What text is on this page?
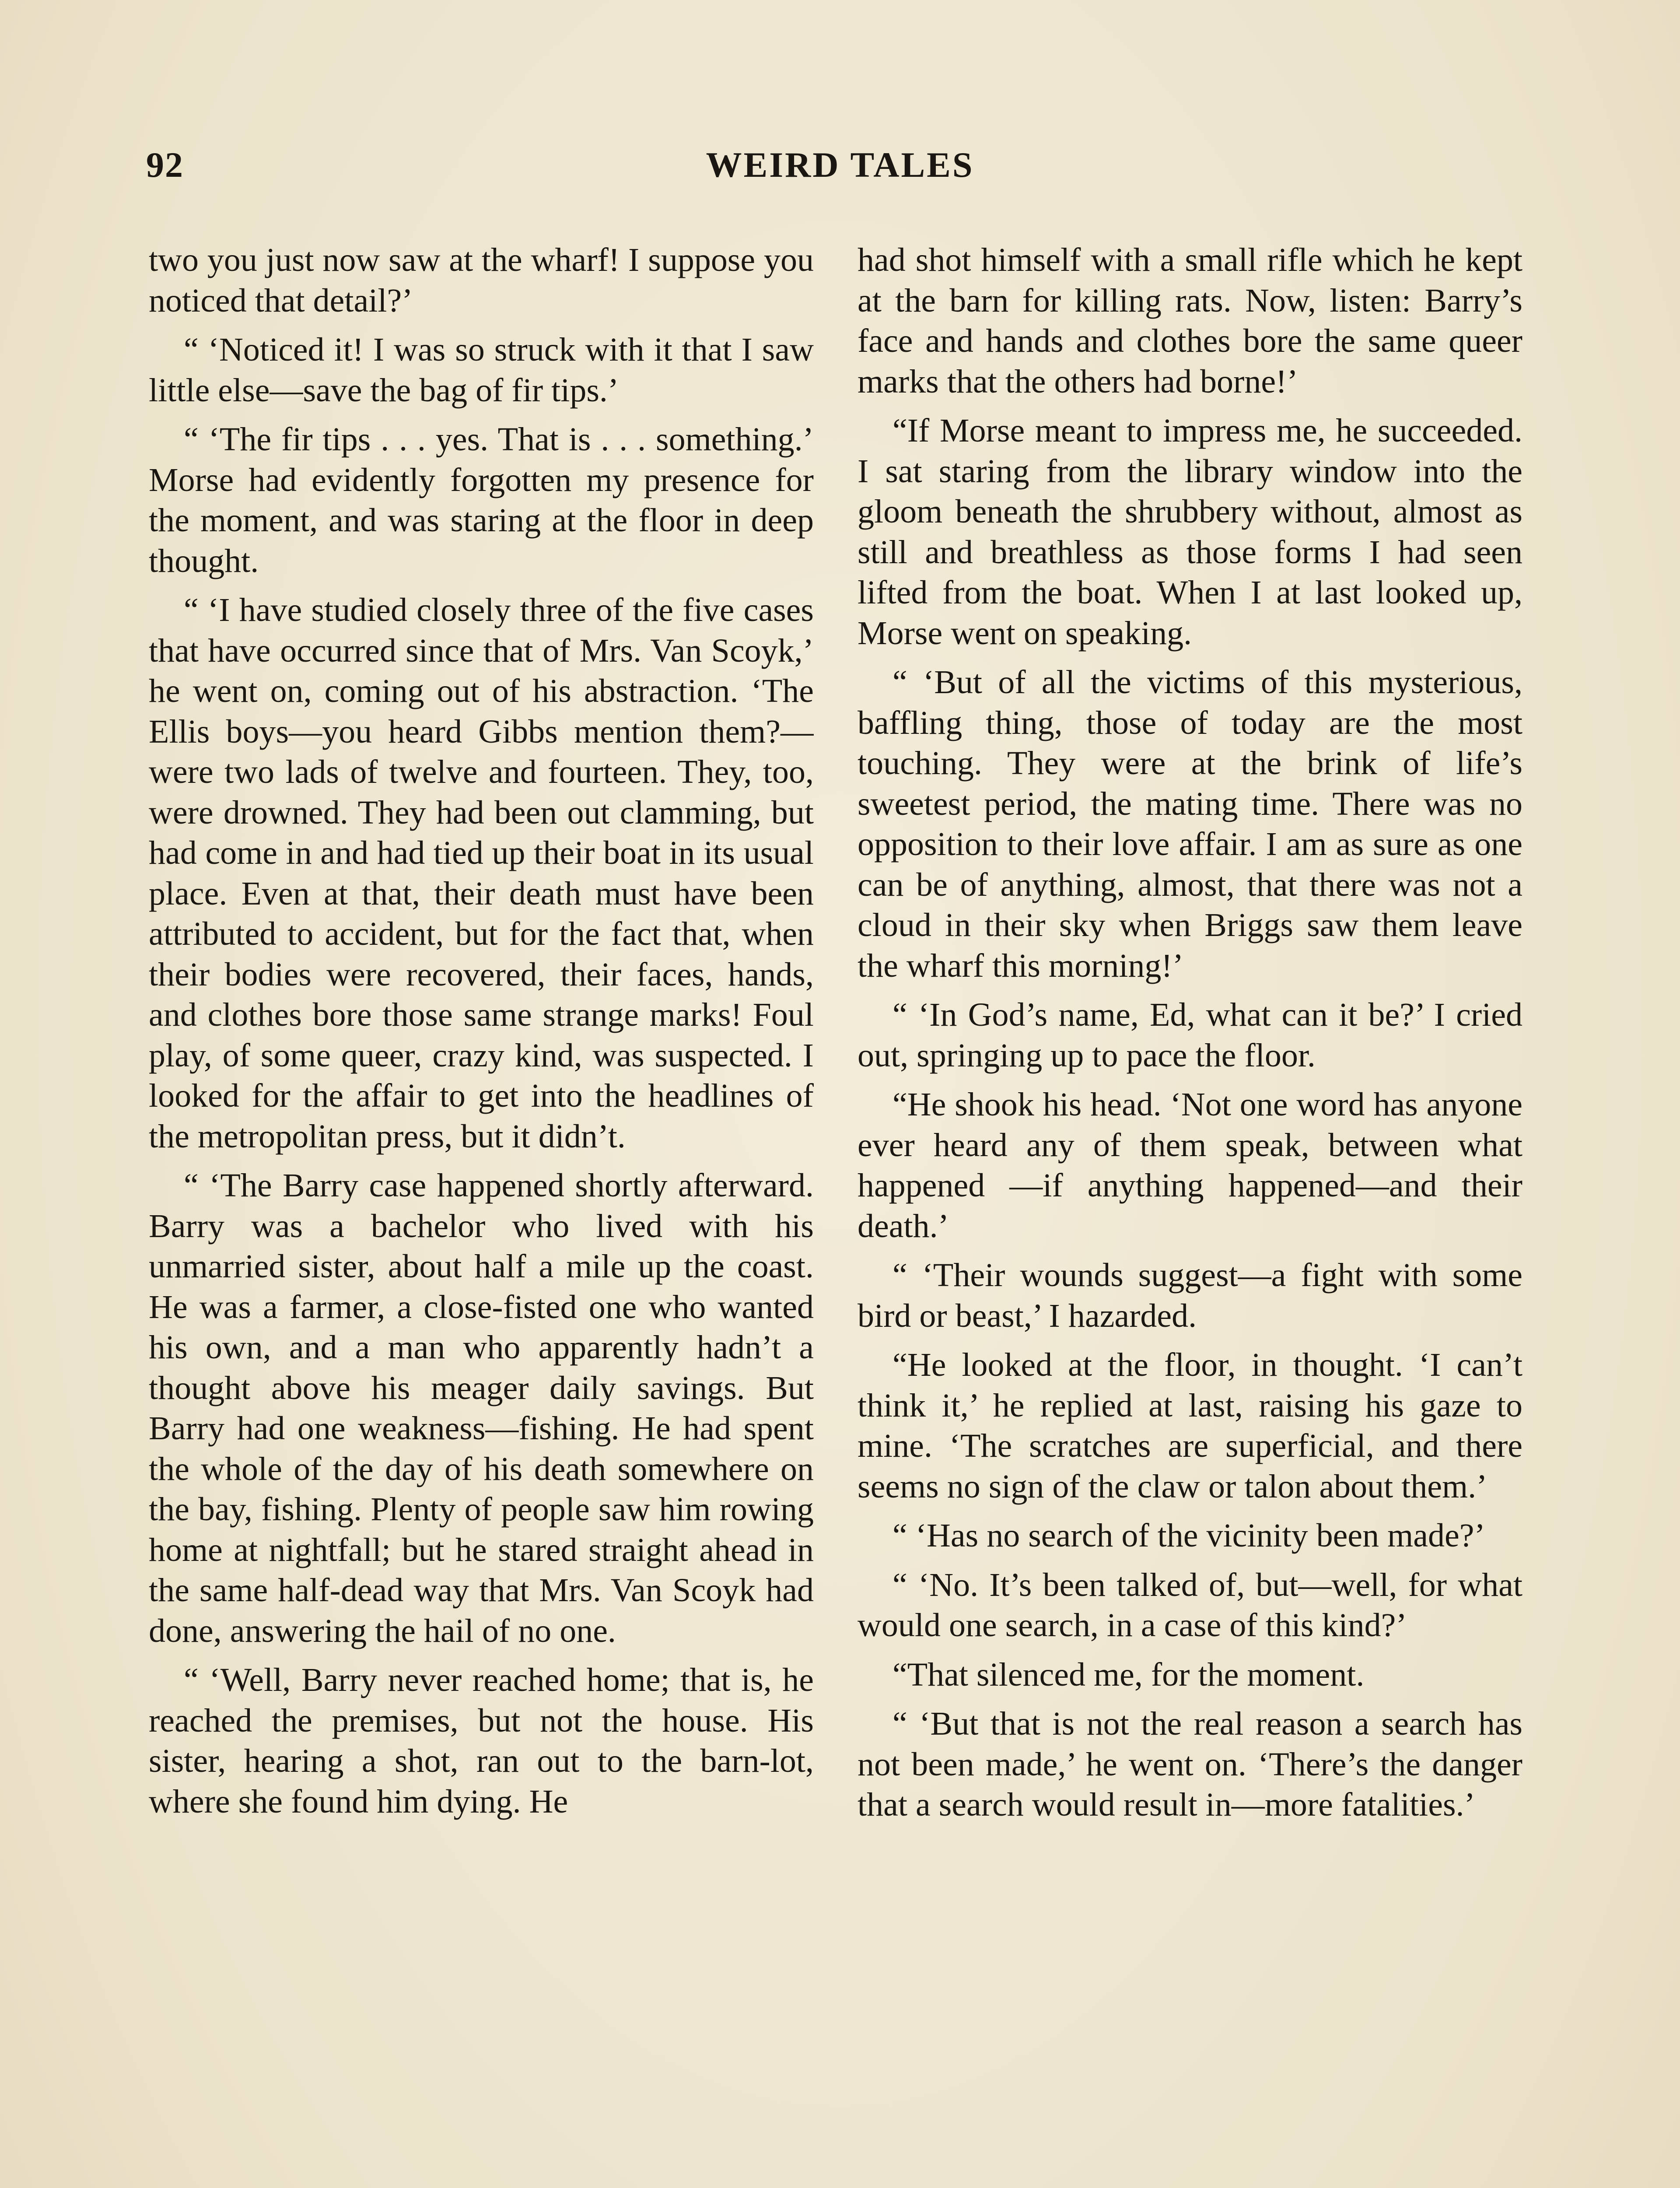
92	WEIRD TALES

two you just now saw at the wharf! I suppose you noticed that detail?’

“ ‘Noticed it! I was so struck with it that I saw little else—save the bag of fir tips.’

“ ‘The fir tips . . . yes. That is . . . something.’ Morse had evidently forgotten my presence for the moment, and was staring at the floor in deep thought.

“ ‘I have studied closely three of the five cases that have occurred since that of Mrs. Van Scoyk,’ he went on, coming out of his abstraction. ‘The Ellis boys—you heard Gibbs mention them?—were two lads of twelve and fourteen. They, too, were drowned. They had been out clamming, but had come in and had tied up their boat in its usual place. Even at that, their death must have been attributed to accident, but for the fact that, when their bodies were recovered, their faces, hands, and clothes bore those same strange marks! Foul play, of some queer, crazy kind, was suspected. I looked for the affair to get into the headlines of the metropolitan press, but it didn’t.

“ ‘The Barry case happened shortly afterward. Barry was a bachelor who lived with his unmarried sister, about half a mile up the coast. He was a farmer, a close-fisted one who wanted his own, and a man who apparently hadn’t a thought above his meager daily savings. But Barry had one weakness—fishing. He had spent the whole of the day of his death somewhere on the bay, fishing. Plenty of people saw him rowing home at nightfall; but he stared straight ahead in the same half-dead way that Mrs. Van Scoyk had done, answering the hail of no one.

“ ‘Well, Barry never reached home; that is, he reached the premises, but not the house. His sister, hearing a shot, ran out to the barn-lot, where she found him dying. He

had shot himself with a small rifle which he kept at the barn for killing rats. Now, listen: Barry’s face and hands and clothes bore the same queer marks that the others had borne!’

“If Morse meant to impress me, he succeeded. I sat staring from the library window into the gloom beneath the shrubbery without, almost as still and breathless as those forms I had seen lifted from the boat. When I at last looked up, Morse went on speaking.

“ ‘But of all the victims of this mysterious, baffling thing, those of today are the most touching. They were at the brink of life’s sweetest period, the mating time. There was no opposition to their love affair. I am as sure as one can be of anything, almost, that there was not a cloud in their sky when Briggs saw them leave the wharf this morning!’

“ ‘In God’s name, Ed, what can it be?’ I cried out, springing up to pace the floor.

“He shook his head. ‘Not one word has anyone ever heard any of them speak, between what happened —if anything happened—and their death.’

“ ‘Their wounds suggest—a fight with some bird or beast,’ I hazarded.

“He looked at the floor, in thought. ‘I can’t think it,’ he replied at last, raising his gaze to mine. ‘The scratches are superficial, and there seems no sign of the claw or talon about them.’

“ ‘Has no search of the vicinity been made?’

“ ‘No. It’s been talked of, but—well, for what would one search, in a case of this kind?’

“That silenced me, for the moment.

“ ‘But that is not the real reason a search has not been made,’ he went on. ‘There’s the danger that a search would result in—more fatalities.’
